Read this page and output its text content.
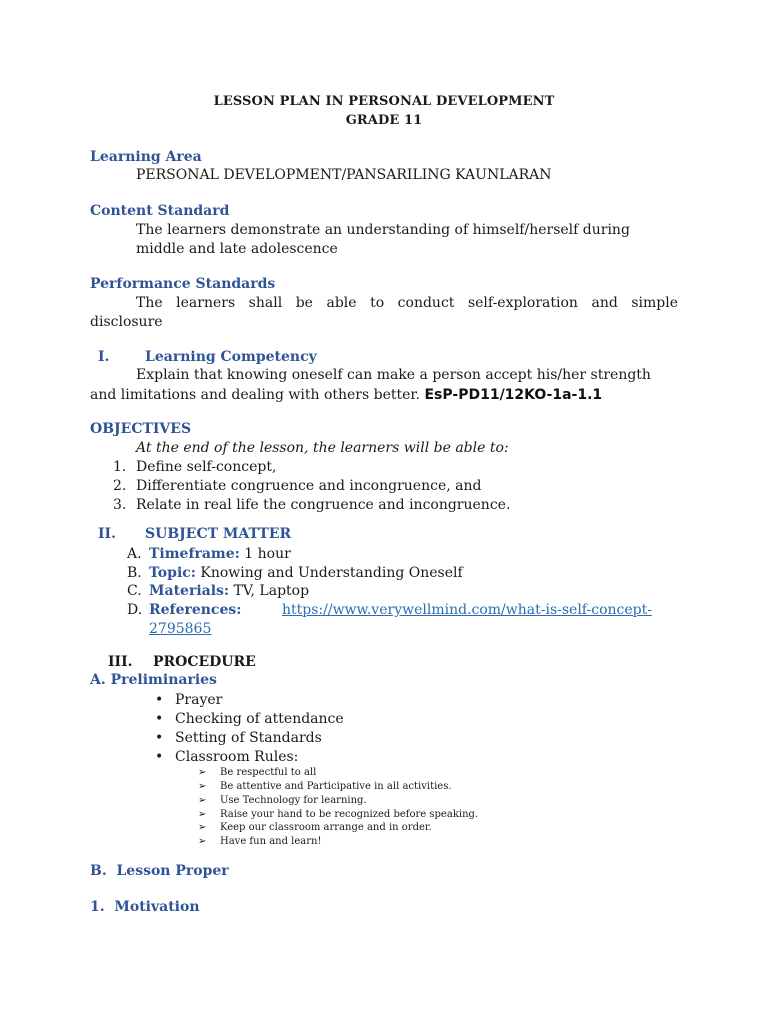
LESSON PLAN IN PERSONAL DEVELOPMENT
GRADE 11
Learning Area
PERSONAL DEVELOPMENT/PANSARILING KAUNLARAN
Content Standard
The learners demonstrate an understanding of himself/herself during
middle and late adolescence
Performance Standards
The learners shall be able to conduct self-exploration and simple
disclosure
I.	Learning Competency
Explain that knowing oneself can make a person accept his/her strength
and limitations and dealing with others better. EsP-PD11/12KO-1a-1.1
OBJECTIVES
At the end of the lesson, the learners will be able to:
1. Define self-concept,
2. Differentiate congruence and incongruence, and
3. Relate in real life the congruence and incongruence.
II. SUBJECT MATTER
A. Timeframe: 1 hour
B. Topic: Knowing and Understanding Oneself
C. Materials: TV, Laptop
D. References:	https://www.verywellmind.com/what-is-self-concept-
2795865
III. PROCEDURE
A. Preliminaries
• Prayer
• Checking of attendance
• Setting of Standards
• Classroom Rules:
➢ Be respectful to all
➢ Be attentive and Participative in all activities.
➢ Use Technology for learning.
➢ Raise your hand to be recognized before speaking.
➢ Keep our classroom arrange and in order.
➢ Have fun and learn!
B.  Lesson Proper
1.  Motivation
